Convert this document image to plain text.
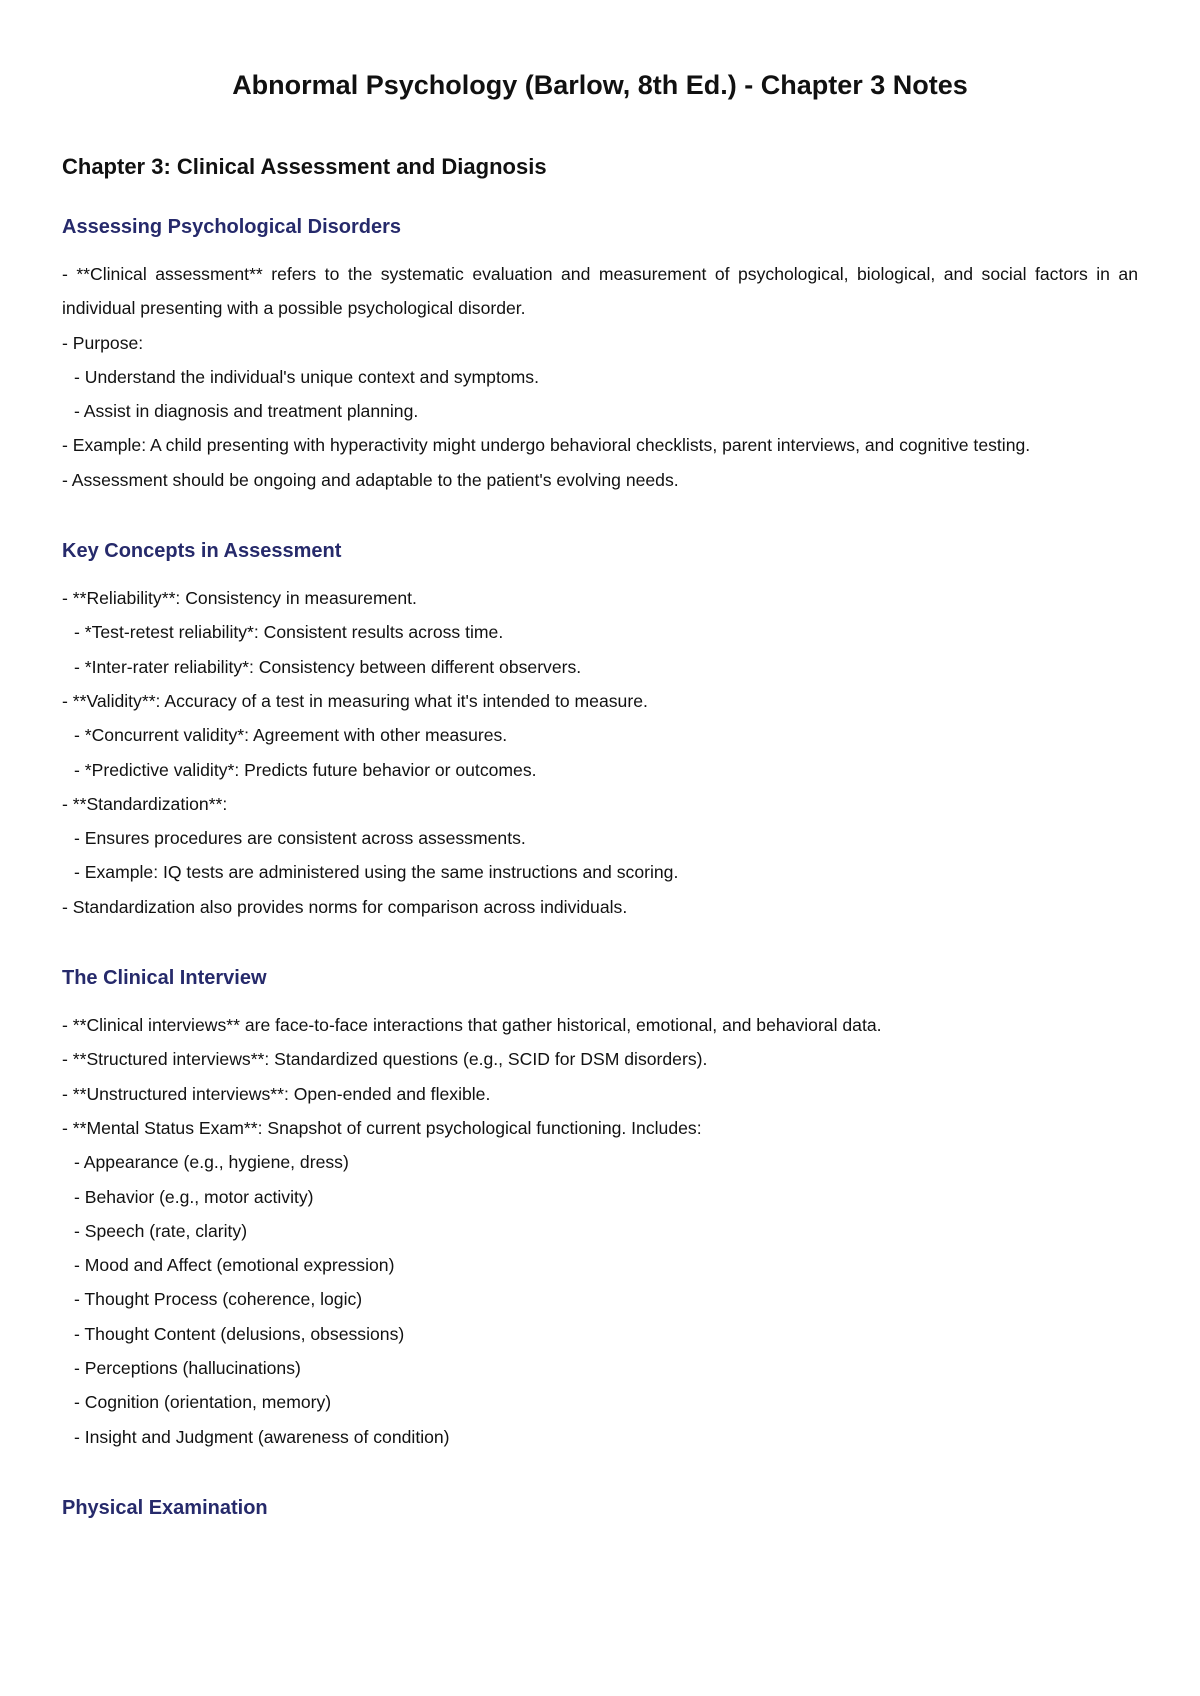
Abnormal Psychology (Barlow, 8th Ed.) - Chapter 3 Notes
Chapter 3: Clinical Assessment and Diagnosis
Assessing Psychological Disorders
- **Clinical assessment** refers to the systematic evaluation and measurement of psychological, biological, and social factors in an individual presenting with a possible psychological disorder.
- Purpose:
- Understand the individual's unique context and symptoms.
- Assist in diagnosis and treatment planning.
- Example: A child presenting with hyperactivity might undergo behavioral checklists, parent interviews, and cognitive testing.
- Assessment should be ongoing and adaptable to the patient's evolving needs.
Key Concepts in Assessment
- **Reliability**: Consistency in measurement.
- *Test-retest reliability*: Consistent results across time.
- *Inter-rater reliability*: Consistency between different observers.
- **Validity**: Accuracy of a test in measuring what it's intended to measure.
- *Concurrent validity*: Agreement with other measures.
- *Predictive validity*: Predicts future behavior or outcomes.
- **Standardization**:
- Ensures procedures are consistent across assessments.
- Example: IQ tests are administered using the same instructions and scoring.
- Standardization also provides norms for comparison across individuals.
The Clinical Interview
- **Clinical interviews** are face-to-face interactions that gather historical, emotional, and behavioral data.
- **Structured interviews**: Standardized questions (e.g., SCID for DSM disorders).
- **Unstructured interviews**: Open-ended and flexible.
- **Mental Status Exam**: Snapshot of current psychological functioning. Includes:
- Appearance (e.g., hygiene, dress)
- Behavior (e.g., motor activity)
- Speech (rate, clarity)
- Mood and Affect (emotional expression)
- Thought Process (coherence, logic)
- Thought Content (delusions, obsessions)
- Perceptions (hallucinations)
- Cognition (orientation, memory)
- Insight and Judgment (awareness of condition)
Physical Examination
